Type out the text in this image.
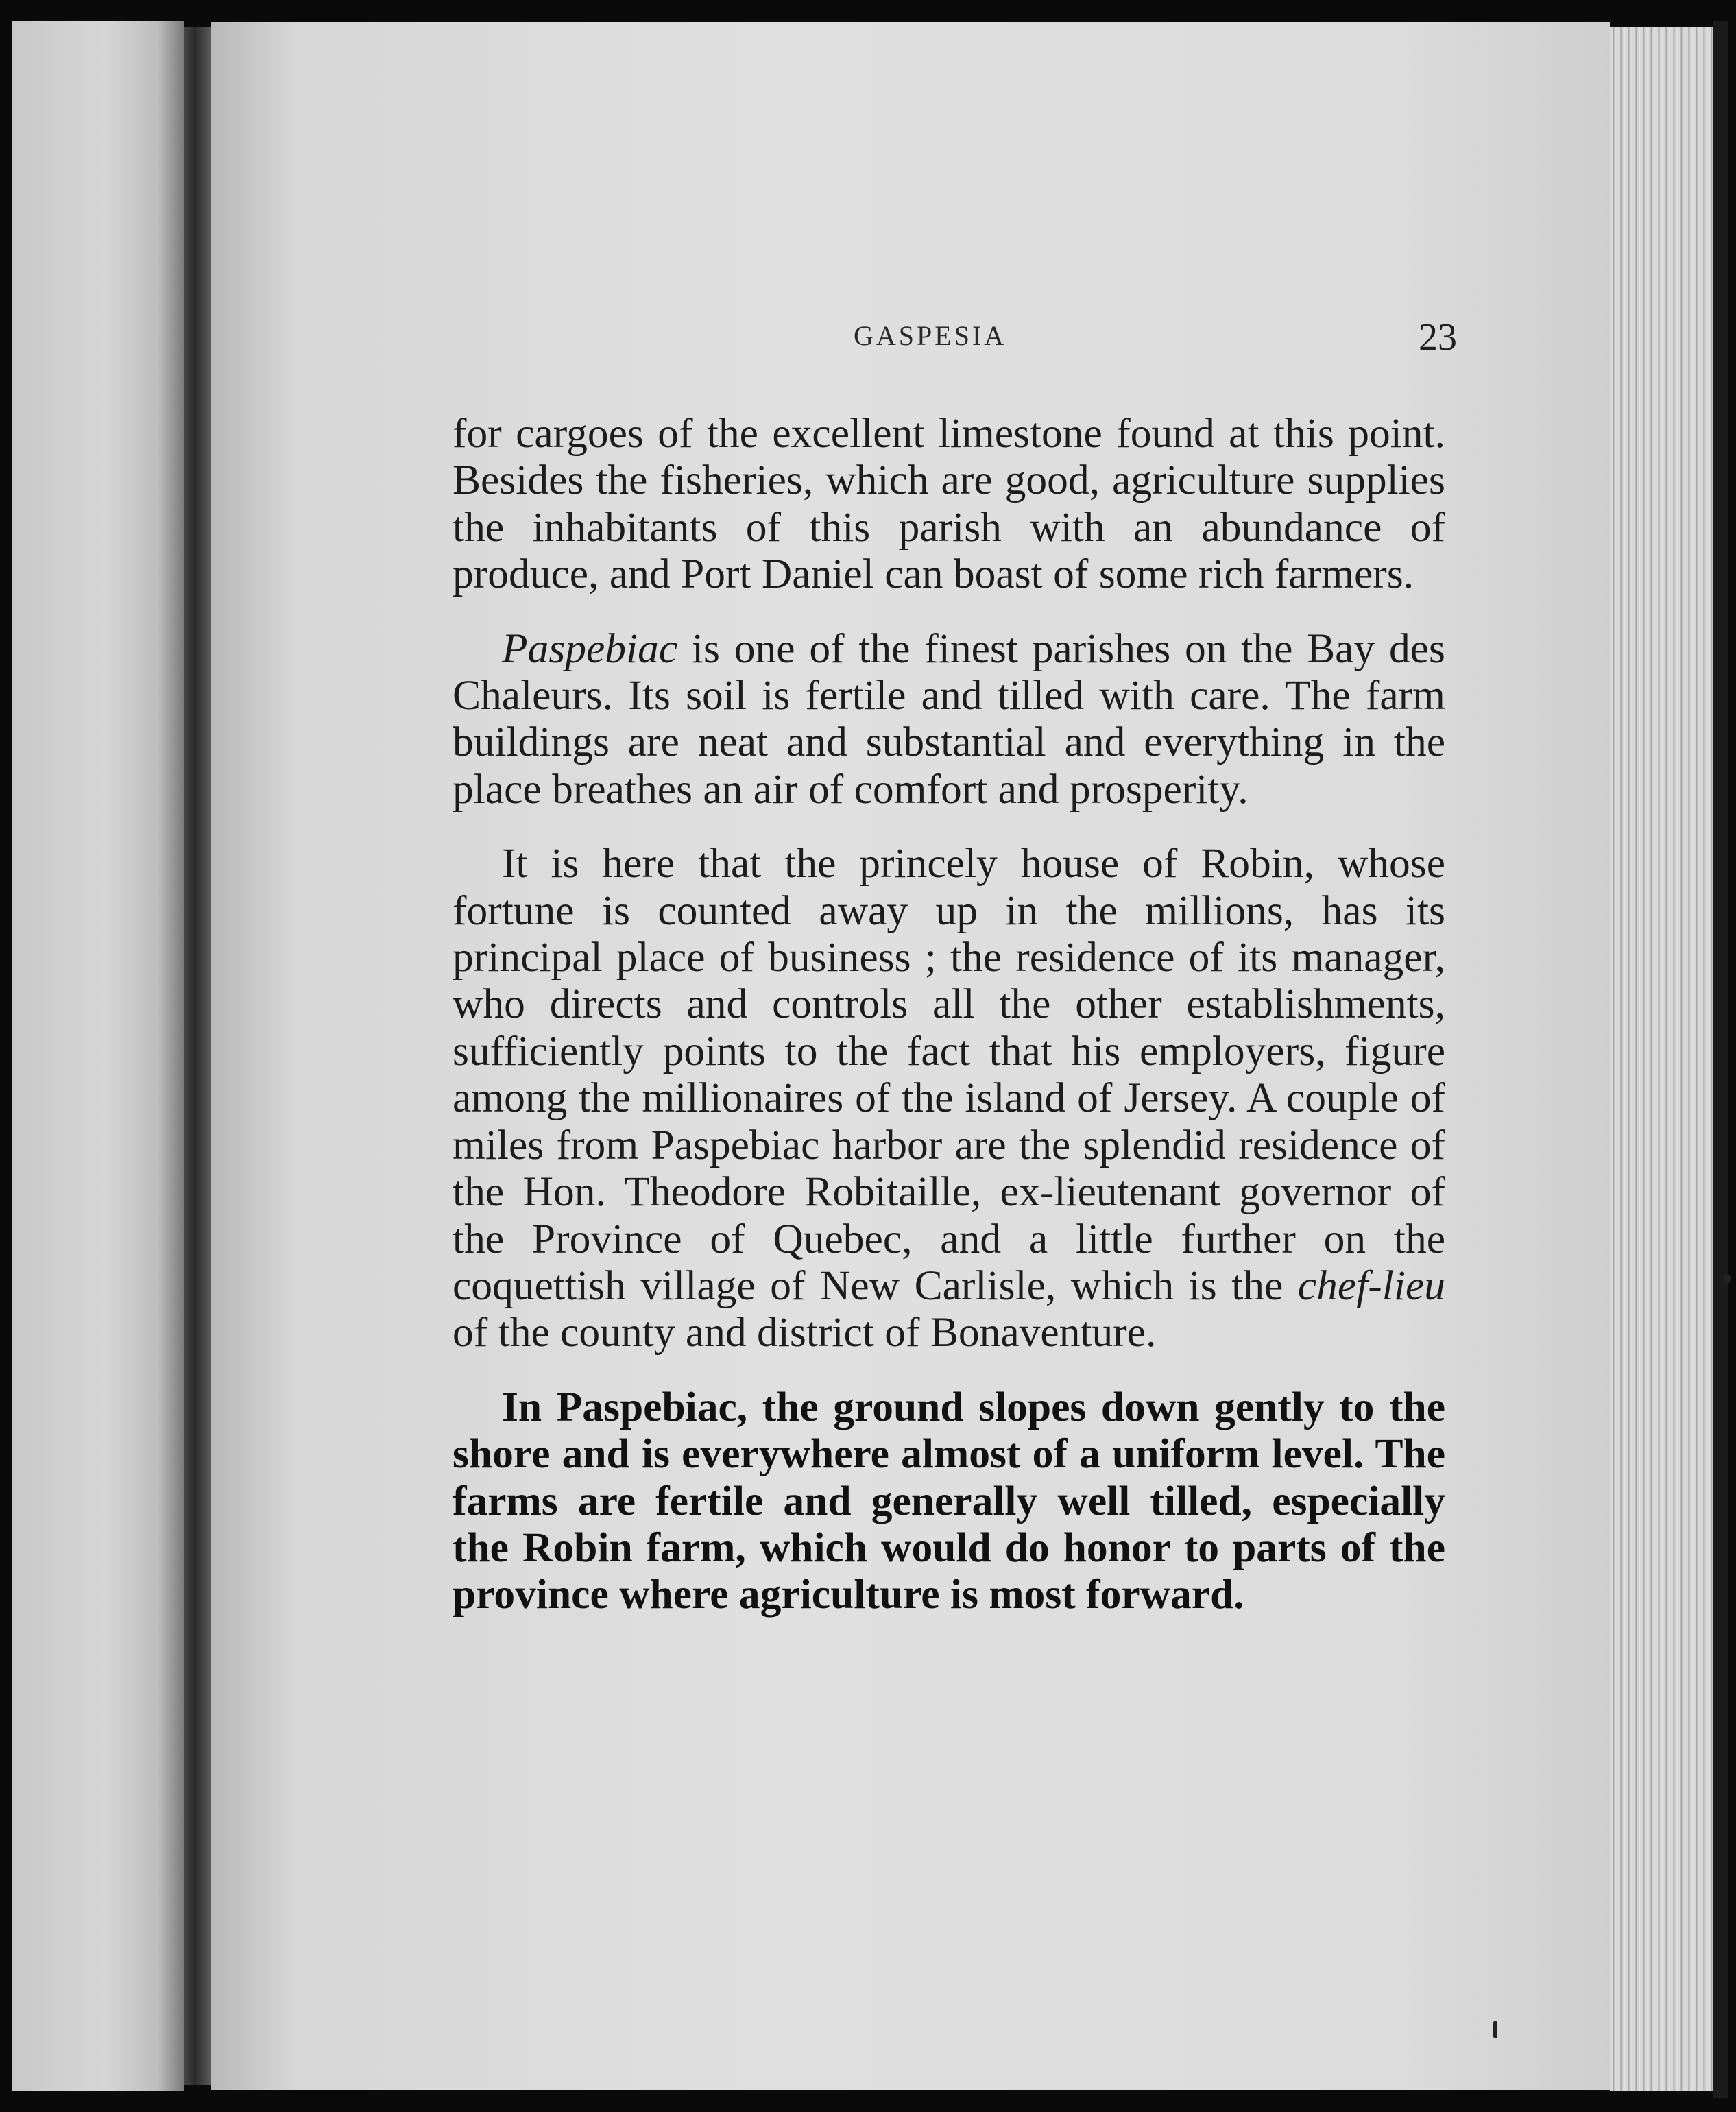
GASPESIA	23

for cargoes of the excellent limestone found at this point. Besides the fisheries, which are good, agriculture supplies the inhabitants of this parish with an abundance of produce, and Port Daniel can boast of some rich farmers.

Paspebiac is one of the finest parishes on the Bay des Chaleurs. Its soil is fertile and tilled with care. The farm buildings are neat and substantial and everything in the place breathes an air of comfort and prosperity.

It is here that the princely house of Robin, whose fortune is counted away up in the millions, has its principal place of business ; the residence of its manager, who directs and controls all the other establishments, sufficiently points to the fact that his employers, figure among the millionaires of the island of Jersey. A couple of miles from Paspebiac harbor are the splendid residence of the Hon. Theodore Robitaille, ex-lieutenant governor of the Province of Quebec, and a little further on the coquettish village of New Carlisle, which is the chef-lieu of the county and district of Bonaventure.

In Paspebiac, the ground slopes down gently to the shore and is everywhere almost of a uniform level. The farms are fertile and generally well tilled, especially the Robin farm, which would do honor to parts of the province where agriculture is most forward.
